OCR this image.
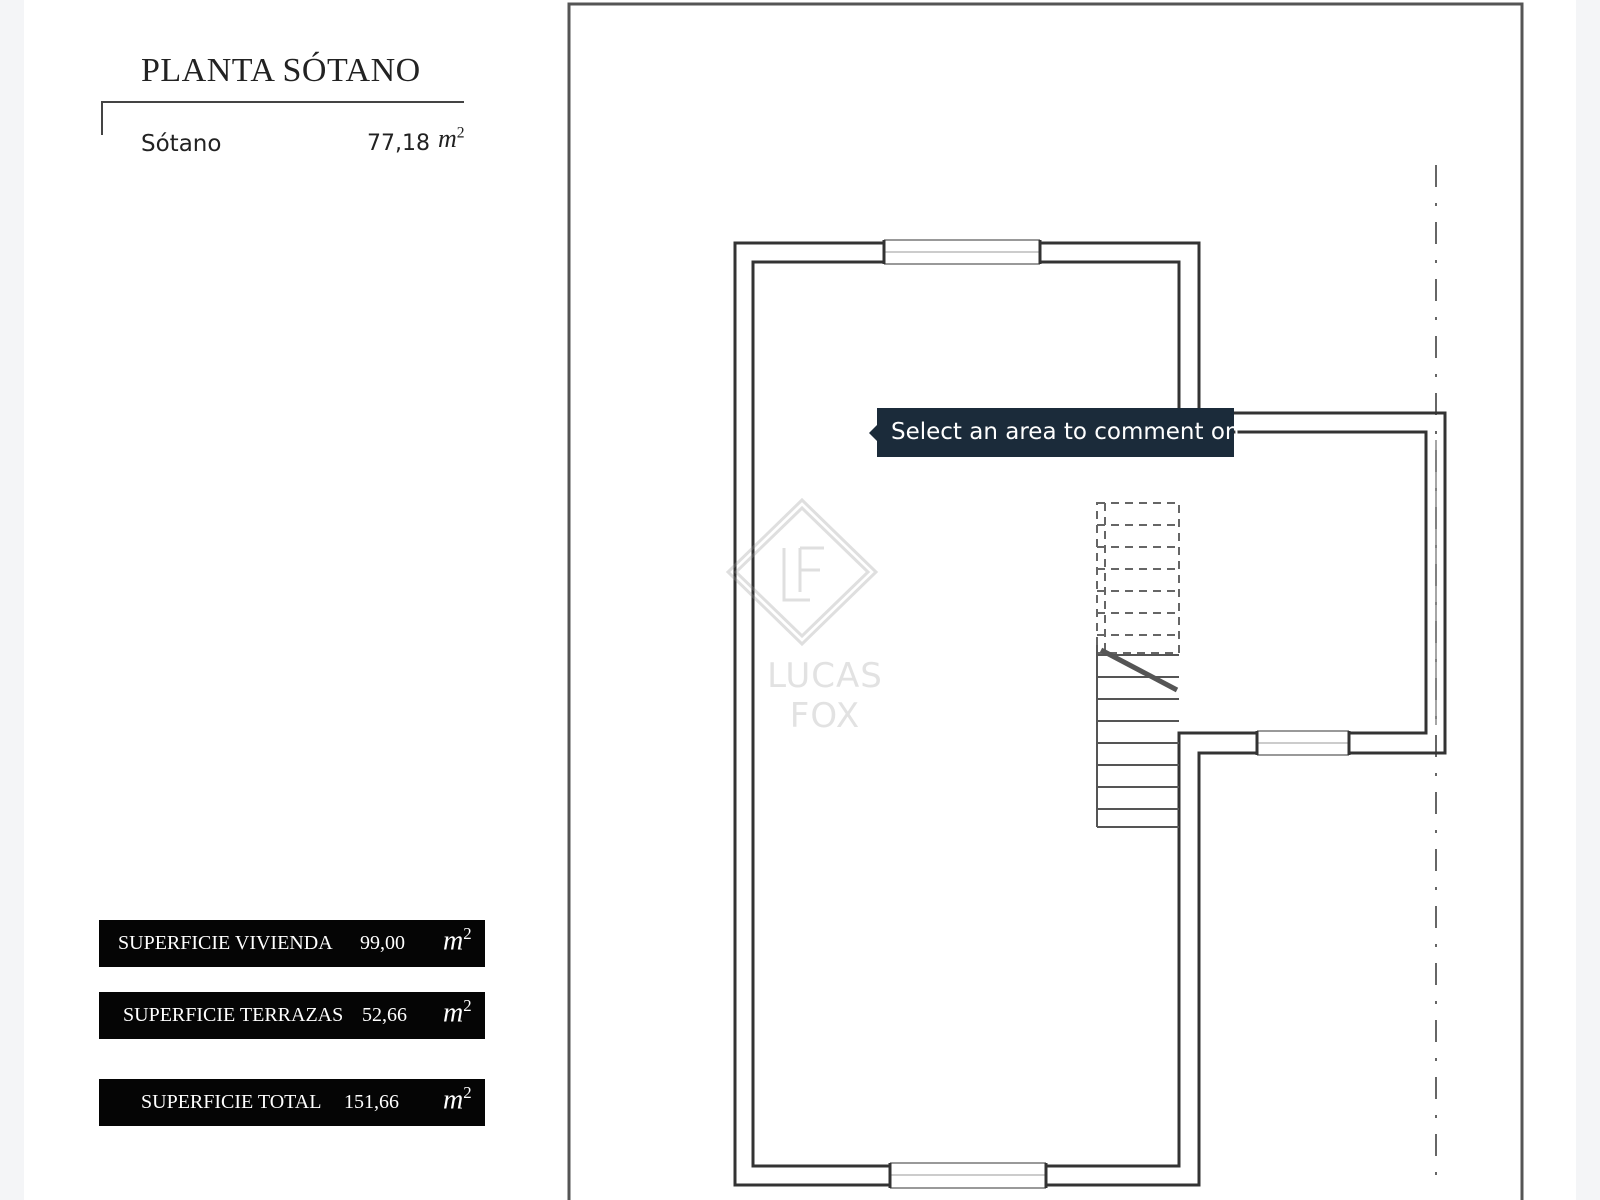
PLANTA SÓTANO
Sótano	77,18 $m^2$
SUPERFICIE VIVIENDA 99,00 $m^2$
SUPERFICIE TERRAZAS 52,66 $m^2$
SUPERFICIE TOTAL 151,66 $m^2$
LUCAS FOX
Select an area to comment on
